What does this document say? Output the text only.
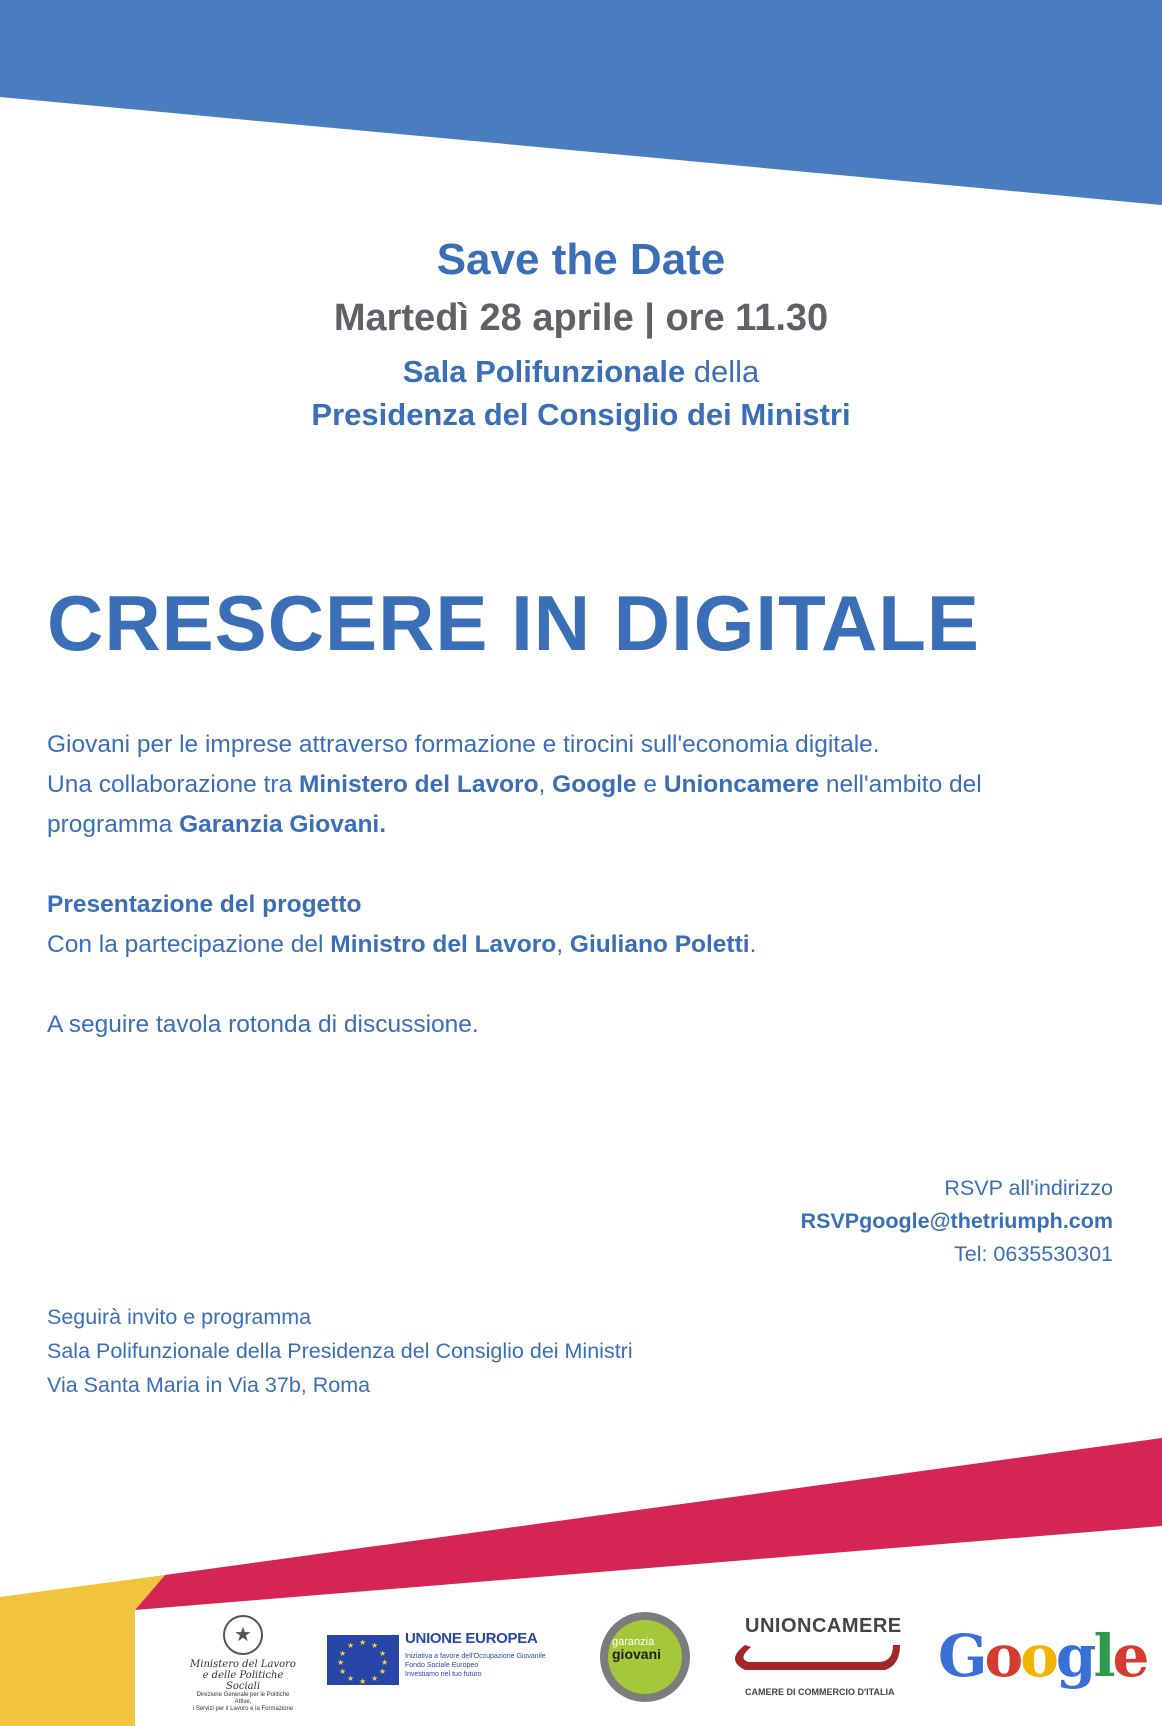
Save the Date
Martedì 28 aprile | ore 11.30
Sala Polifunzionale della
Presidenza del Consiglio dei Ministri
CRESCERE IN DIGITALE
Giovani per le imprese attraverso formazione e tirocini sull'economia digitale.
Una collaborazione tra Ministero del Lavoro, Google e Unioncamere nell'ambito del
programma Garanzia Giovani.
Presentazione del progetto
Con la partecipazione del Ministro del Lavoro, Giuliano Poletti.
A seguire tavola rotonda di discussione.
RSVP all'indirizzo
RSVPgoogle@thetriumph.com
Tel: 0635530301
Seguirà invito e programma
Sala Polifunzionale della Presidenza del Consiglio dei Ministri
Via Santa Maria in Via 37b, Roma
★
Ministero del Lavoro
e delle Politiche Sociali
Direzione Generale per le Politiche Attive,
i Servizi per il Lavoro e la Formazione
★ ★
★
★
★
★
★
★
★
★
★
★	UNIONE EUROPEA
Iniziativa a favore dell'Occupazione Giovanile
Fondo Sociale Europeo
Investiamo nel tuo futuro
garanzia
giovani
UNIONCAMERE
CAMERE DI COMMERCIO D'ITALIA
Google
